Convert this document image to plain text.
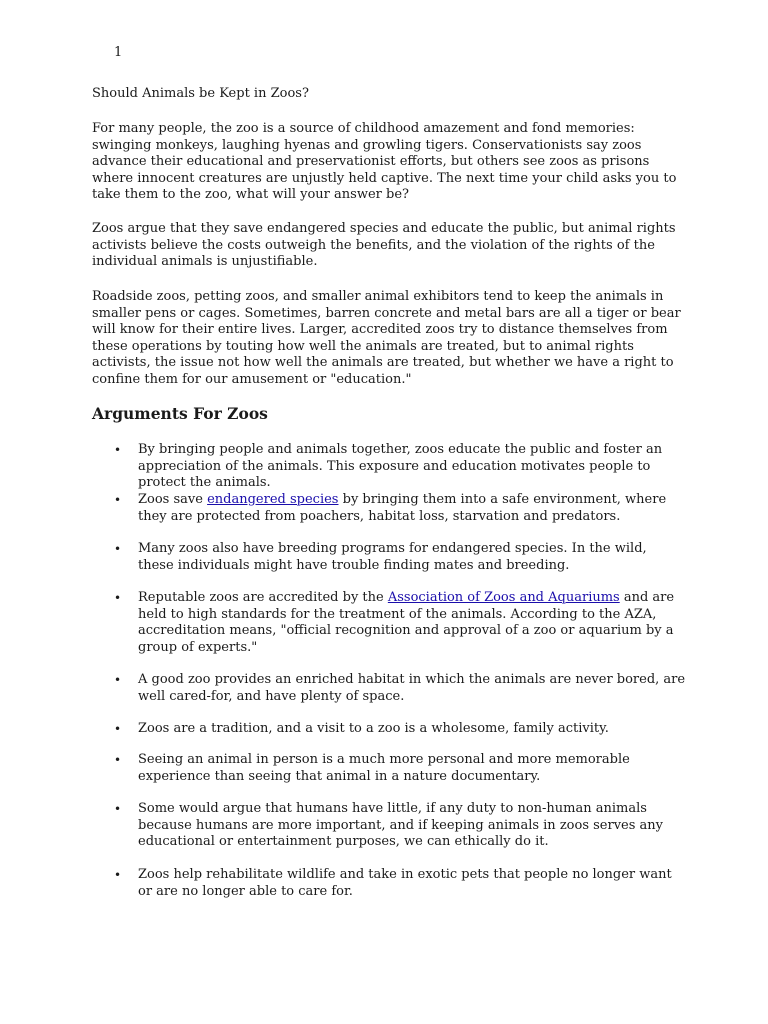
1

Should Animals be Kept in Zoos?

For many people, the zoo is a source of childhood amazement and fond memories: swinging monkeys, laughing hyenas and growling tigers. Conservationists say zoos advance their educational and preservationist efforts, but others see zoos as prisons where innocent creatures are unjustly held captive. The next time your child asks you to take them to the zoo, what will your answer be?

Zoos argue that they save endangered species and educate the public, but animal rights activists believe the costs outweigh the benefits, and the violation of the rights of the individual animals is unjustifiable.

Roadside zoos, petting zoos, and smaller animal exhibitors tend to keep the animals in smaller pens or cages. Sometimes, barren concrete and metal bars are all a tiger or bear will know for their entire lives. Larger, accredited zoos try to distance themselves from these operations by touting how well the animals are treated, but to animal rights activists, the issue not how well the animals are treated, but whether we have a right to confine them for our amusement or "education."

Arguments For Zoos
• By bringing people and animals together, zoos educate the public and foster an appreciation of the animals. This exposure and education motivates people to protect the animals.
• Zoos save endangered species by bringing them into a safe environment, where they are protected from poachers, habitat loss, starvation and predators.
• Many zoos also have breeding programs for endangered species. In the wild, these individuals might have trouble finding mates and breeding.
• Reputable zoos are accredited by the Association of Zoos and Aquariums and are held to high standards for the treatment of the animals. According to the AZA, accreditation means, "official recognition and approval of a zoo or aquarium by a group of experts."
• A good zoo provides an enriched habitat in which the animals are never bored, are well cared-for, and have plenty of space.
• Zoos are a tradition, and a visit to a zoo is a wholesome, family activity.
• Seeing an animal in person is a much more personal and more memorable experience than seeing that animal in a nature documentary.
• Some would argue that humans have little, if any duty to non-human animals because humans are more important, and if keeping animals in zoos serves any educational or entertainment purposes, we can ethically do it.
• Zoos help rehabilitate wildlife and take in exotic pets that people no longer want or are no longer able to care for.
